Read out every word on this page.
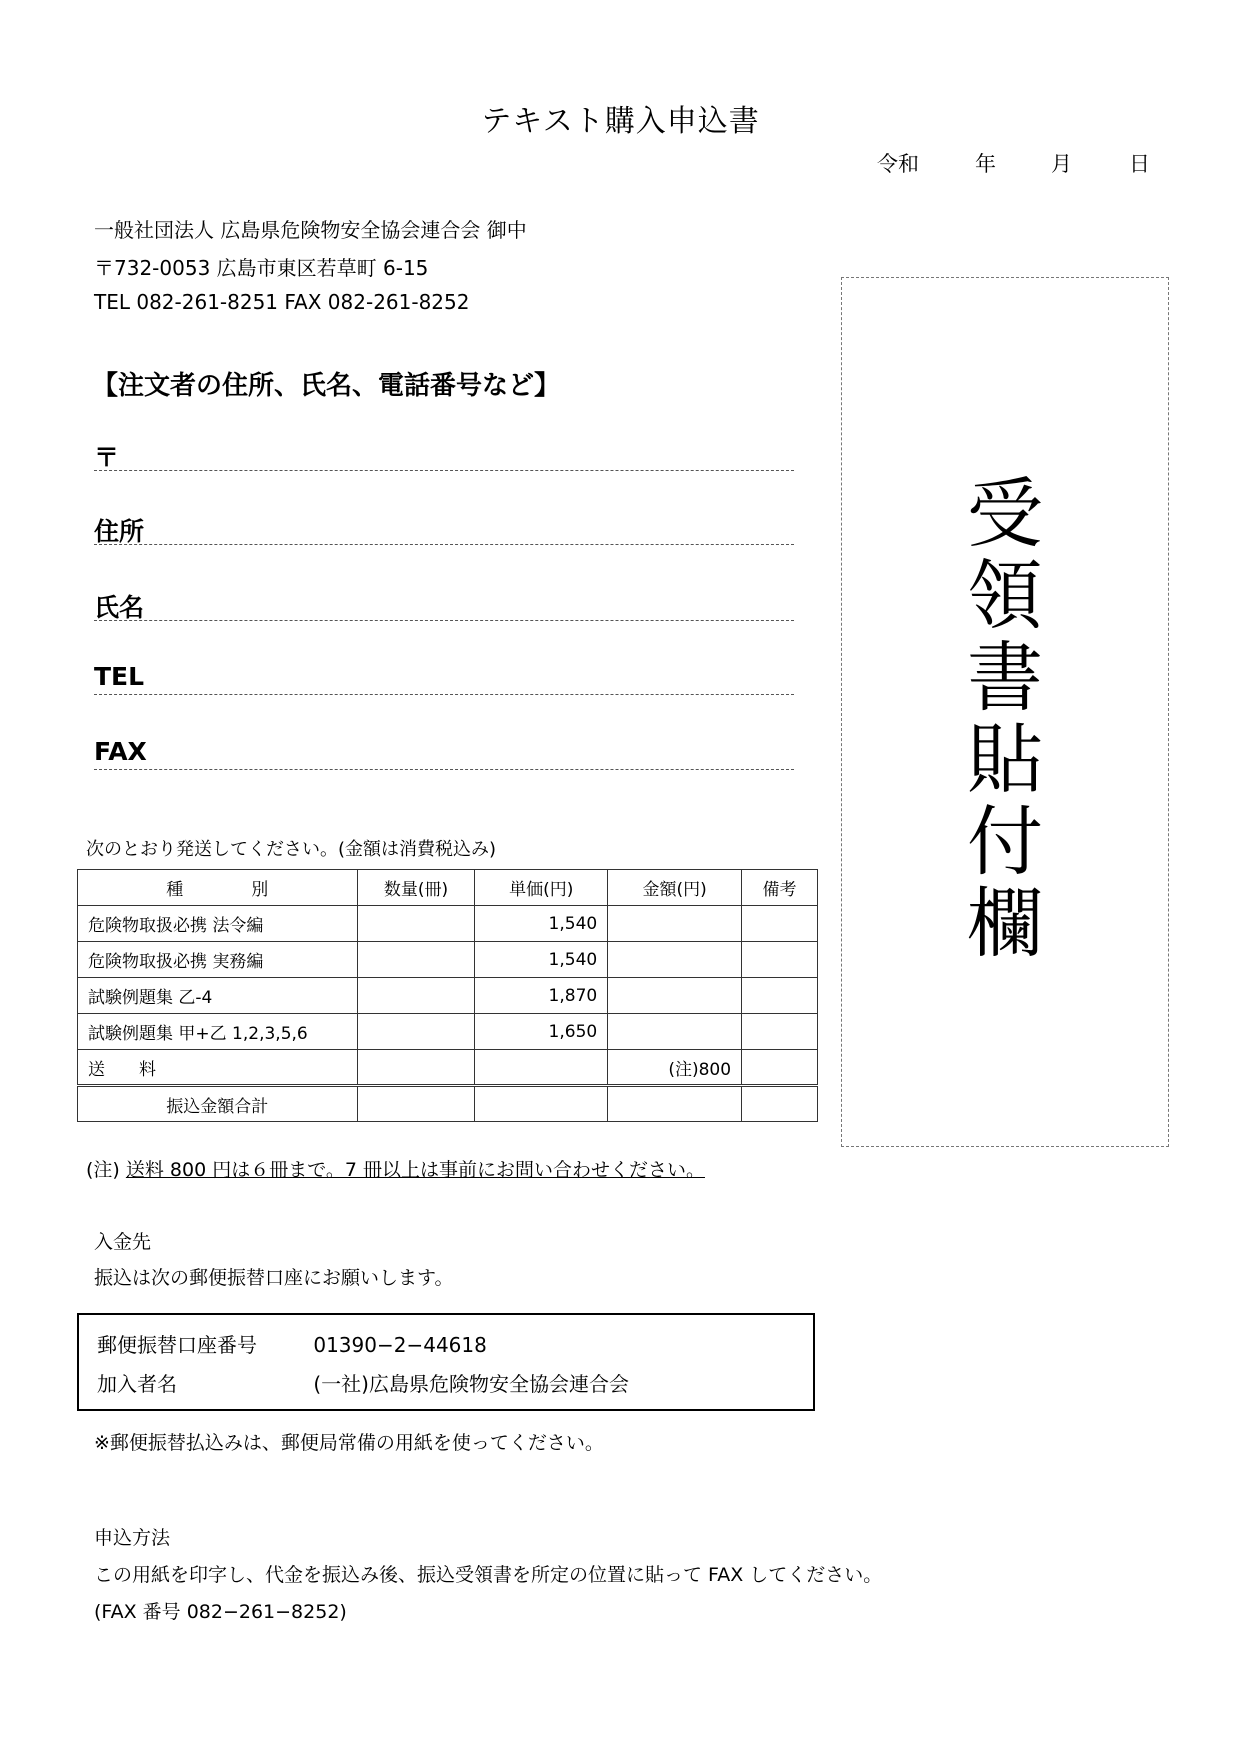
テキスト購入申込書
令和	年	月	日
一般社団法人 広島県危険物安全協会連合会 御中
〒732-0053 広島市東区若草町 6-15
TEL 082-261-8251 FAX 082-261-8252
【注文者の住所、氏名、電話番号など】
〒
住所
氏名
TEL
FAX
受
領
書
貼
付
欄
次のとおり発送してください。(金額は消費税込み)
種　　　　別	数量(冊)	単価(円)	金額(円)	備考
危険物取扱必携 法令編		1,540		
危険物取扱必携 実務編		1,540		
試験例題集 乙-4		1,870		
試験例題集 甲+乙 1,2,3,5,6		1,650		
送　　料			(注)800	
振込金額合計				
(注) 送料 800 円は６冊まで。7 冊以上は事前にお問い合わせください。
入金先
振込は次の郵便振替口座にお願いします。
郵便振替口座番号	01390−2−44618
加入者名	(一社)広島県危険物安全協会連合会
※郵便振替払込みは、郵便局常備の用紙を使ってください。
申込方法
この用紙を印字し、代金を振込み後、振込受領書を所定の位置に貼って FAX してください。
(FAX 番号 082−261−8252)
